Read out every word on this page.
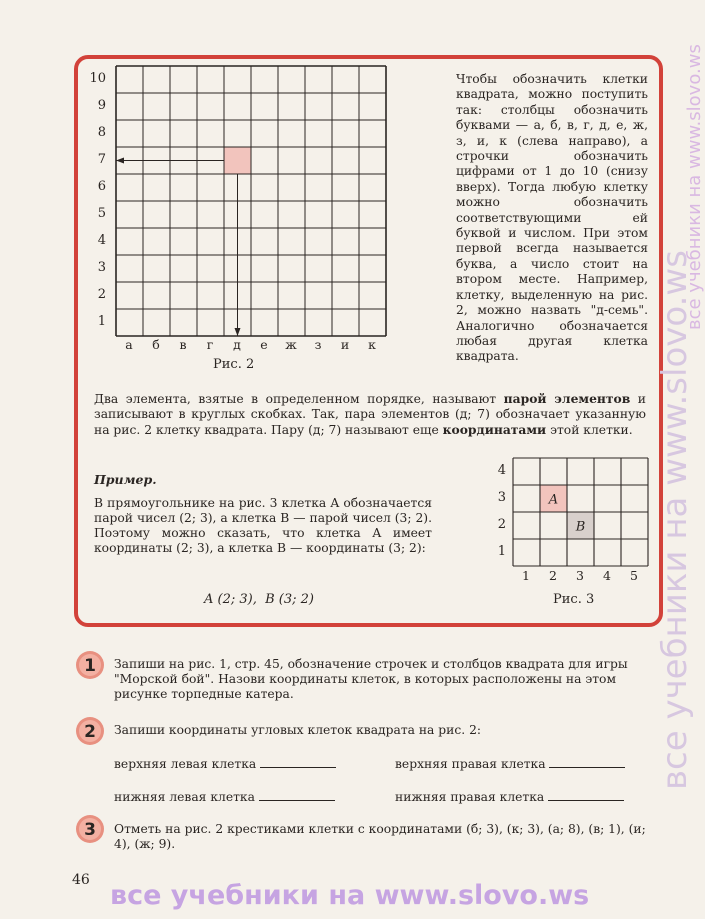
10
9
8
7
6
5
4
3
2
1
а б в г д е ж з и к
Рис. 2
Чтобы обозначить клетки квадрата, можно поступить так: столбцы обозначить буквами — а, б, в, г, д, е, ж, з, и, к (слева направо), а строчки обозначить цифрами от 1 до 10 (снизу вверх). Тогда любую клетку можно обозначить соответствующими ей буквой и числом. При этом первой всегда называется буква, а число стоит на втором месте. Например, клетку, выделенную на рис. 2, можно назвать "д-семь". Аналогично обозначается любая другая клетка квадрата.
Два элемента, взятые в определенном порядке, называют парой элементов и записывают в круглых скобках. Так, пара элементов (д; 7) обозначает указанную на рис. 2 клетку квадрата. Пару (д; 7) называют еще координатами этой клетки.
Пример.
В прямоугольнике на рис. 3 клетка A обозначается парой чисел (2; 3), а клетка B — парой чисел (3; 2). Поэтому можно сказать, что клетка A имеет координаты (2; 3), а клетка B — координаты (3; 2):
A (2; 3),  B (3; 2)
4
3
2
1
A
B
1 2 3 4 5
Рис. 3
1 Запиши на рис. 1, стр. 45, обозначение строчек и столбцов квадрата для игры "Морской бой". Назови координаты клеток, в которых расположены на этом рисунке торпедные катера.
2 Запиши координаты угловых клеток квадрата на рис. 2:
верхняя левая клетка	верхняя правая клетка
нижняя левая клетка	нижняя правая клетка
3 Отметь на рис. 2 крестиками клетки с координатами (б; 3), (к; 3), (а; 8), (в; 1), (и; 4), (ж; 9).
46
все учебники на www.slovo.ws
все учебники на www.slovo.ws
все учебники на www.slovo.ws
